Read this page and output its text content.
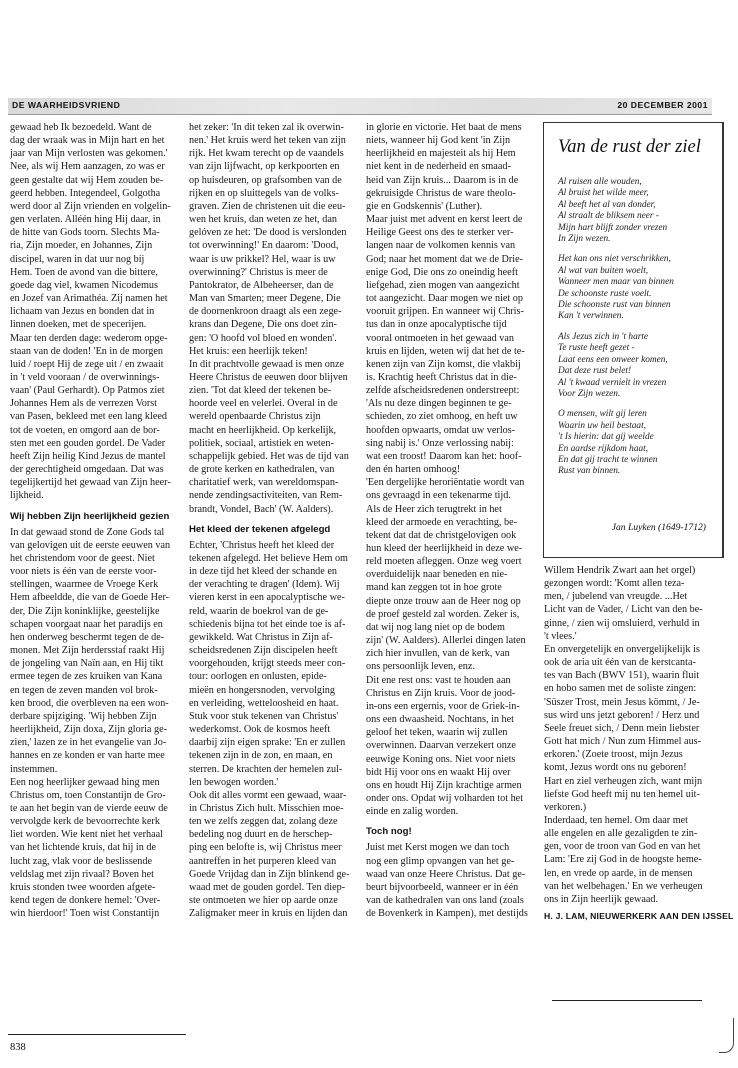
DE WAARHEIDSVRIEND	20 DECEMBER 2001

gewaad heb Ik bezoedeld. Want de
dag der wraak was in Mijn hart en het
jaar van Mijn verlosten was gekomen.'
Nee, als wij Hem aanzagen, zo was er
geen gestalte dat wij Hem zouden be-
geerd hebben. Integendeel, Golgotha
werd door al Zijn vrienden en volgelin-
gen verlaten. Alléén hing Hij daar, in
de hitte van Gods toorn. Slechts Ma-
ria, Zijn moeder, en Johannes, Zijn
discipel, waren in dat uur nog bij
Hem. Toen de avond van die bittere,
goede dag viel, kwamen Nicodemus
en Jozef van Arimathéa. Zij namen het
lichaam van Jezus en bonden dat in
linnen doeken, met de specerijen.
Maar ten derden dage: wederom opge-
staan van de doden! 'En in de morgen
luid / roept Hij de zege uit / en zwaait
in 't veld vooraan / de overwinnings-
vaan' (Paul Gerhardt). Op Patmos ziet
Johannes Hem als de verrezen Vorst
van Pasen, bekleed met een lang kleed
tot de voeten, en omgord aan de bor-
sten met een gouden gordel. De Vader
heeft Zijn heilig Kind Jezus de mantel
der gerechtigheid omgedaan. Dat was
tegelijkertijd het gewaad van Zijn heer-
lijkheid.

Wij hebben Zijn heerlijkheid gezien

In dat gewaad stond de Zone Gods tal
van gelovigen uit de eerste eeuwen van
het christendom voor de geest. Niet
voor niets is één van de eerste voor-
stellingen, waarmee de Vroege Kerk
Hem afbeeldde, die van de Goede Her-
der, Die Zijn koninklijke, geestelijke
schapen voorgaat naar het paradijs en
hen onderweg beschermt tegen de de-
monen. Met Zijn herdersstaf raakt Hij
de jongeling van Naïn aan, en Hij tikt
ermee tegen de zes kruiken van Kana
en tegen de zeven manden vol brok-
ken brood, die overbleven na een won-
derbare spijziging. 'Wij hebben Zijn
heerlijkheid, Zijn doxa, Zijn gloria ge-
zien,' lazen ze in het evangelie van Jo-
hannes en ze konden er van harte mee
instemmen.
Een nog heerlijker gewaad hing men
Christus om, toen Constantijn de Gro-
te aan het begin van de vierde eeuw de
vervolgde kerk de bevoorrechte kerk
liet worden. Wie kent niet het verhaal
van het lichtende kruis, dat hij in de
lucht zag, vlak voor de beslissende
veldslag met zijn rivaal? Boven het
kruis stonden twee woorden afgete-
kend tegen de donkere hemel: 'Over-
win hierdoor!' Toen wist Constantijn

het zeker: 'In dit teken zal ik overwin-
nen.' Het kruis werd het teken van zijn
rijk. Het kwam terecht op de vaandels
van zijn lijfwacht, op kerkpoorten en
op huisdeuren, op grafsomben van de
rijken en op sluittegels van de volks-
graven. Zien de christenen uit die eeu-
wen het kruis, dan weten ze het, dan
gelóven ze het: 'De dood is verslonden
tot overwinning!' En daarom: 'Dood,
waar is uw prikkel? Hel, waar is uw
overwinning?' Christus is meer de
Pantokrator, de Albeheerser, dan de
Man van Smarten; meer Degene, Die
de doornenkroon draagt als een zege-
krans dan Degene, Die ons doet zin-
gen: 'O hoofd vol bloed en wonden'.
Het kruis: een heerlijk teken!
In dit prachtvolle gewaad is men onze
Heere Christus de eeuwen door blijven
zien. 'Tot dat kleed der tekenen be-
hoorde veel en velerlei. Overal in de
wereld openbaarde Christus zijn
macht en heerlijkheid. Op kerkelijk,
politiek, sociaal, artistiek en weten-
schappelijk gebied. Het was de tijd van
de grote kerken en kathedralen, van
charitatief werk, van wereldomspan-
nende zendingsactiviteiten, van Rem-
brandt, Vondel, Bach' (W. Aalders).

Het kleed der tekenen afgelegd

Echter, 'Christus heeft het kleed der
tekenen afgelegd. Het believe Hem om
in deze tijd het kleed der schande en
der verachting te dragen' (Idem). Wij
vieren kerst in een apocalyptische we-
reld, waarin de boekrol van de ge-
schiedenis bijna tot het einde toe is af-
gewikkeld. Wat Christus in Zijn af-
scheidsredenen Zijn discipelen heeft
voorgehouden, krijgt steeds meer con-
tour: oorlogen en onlusten, epide-
mieën en hongersnoden, vervolging
en verleiding, wetteloosheid en haat.
Stuk voor stuk tekenen van Christus'
wederkomst. Ook de kosmos heeft
daarbij zijn eigen sprake: 'En er zullen
tekenen zijn in de zon, en maan, en
sterren. De krachten der hemelen zul-
len bewogen worden.'
Ook dit alles vormt een gewaad, waar-
in Christus Zich hult. Misschien moe-
ten we zelfs zeggen dat, zolang deze
bedeling nog duurt en de herschep-
ping een belofte is, wij Christus meer
aantreffen in het purperen kleed van
Goede Vrijdag dan in Zijn blinkend ge-
waad met de gouden gordel. Ten diep-
ste ontmoeten we hier op aarde onze
Zaligmaker meer in kruis en lijden dan

in glorie en victorie. Het baat de mens
niets, wanneer hij God kent 'in Zijn
heerlijkheid en majesteit als hij Hem
niet kent in de nederheid en smaad-
heid van Zijn kruis... Daarom is in de
gekruisigde Christus de ware theolo-
gie en Godskennis' (Luther).
Maar juist met advent en kerst leert de
Heilige Geest ons des te sterker ver-
langen naar de volkomen kennis van
God; naar het moment dat we de Drie-
enige God, Die ons zo oneindig heeft
liefgehad, zien mogen van aangezicht
tot aangezicht. Daar mogen we niet op
vooruit grijpen. En wanneer wij Chris-
tus dan in onze apocalyptische tijd
vooral ontmoeten in het gewaad van
kruis en lijden, weten wij dat het de te-
kenen zijn van Zijn komst, die vlakbij
is. Krachtig heeft Christus dat in die-
zelfde afscheidsredenen onderstreept:
'Als nu deze dingen beginnen te ge-
schieden, zo ziet omhoog, en heft uw
hoofden opwaarts, omdat uw verlos-
sing nabij is.' Onze verlossing nabij:
wat een troost! Daarom kan het: hoof-
den én harten omhoog!
'Een dergelijke heroriëntatie wordt van
ons gevraagd in een tekenarme tijd.
Als de Heer zich terugtrekt in het
kleed der armoede en verachting, be-
tekent dat dat de christgelovigen ook
hun kleed der heerlijkheid in deze we-
reld moeten afleggen. Onze weg voert
overduidelijk naar beneden en nie-
mand kan zeggen tot in hoe grote
diepte onze trouw aan de Heer nog op
de proef gesteld zal worden. Zeker is,
dat wij nog lang niet op de bodem
zijn' (W. Aalders). Allerlei dingen laten
zich hier invullen, van de kerk, van
ons persoonlijk leven, enz.
Dit ene rest ons: vast te houden aan
Christus en Zijn kruis. Voor de jood-
in-ons een ergernis, voor de Griek-in-
ons een dwaasheid. Nochtans, in het
geloof het teken, waarin wij zullen
overwinnen. Daarvan verzekert onze
eeuwige Koning ons. Niet voor niets
bidt Hij voor ons en waakt Hij over
ons en houdt Hij Zijn krachtige armen
onder ons. Opdat wij volharden tot het
einde en zalig worden.

Toch nog!

Juist met Kerst mogen we dan toch
nog een glimp opvangen van het ge-
waad van onze Heere Christus. Dat ge-
beurt bijvoorbeeld, wanneer er in één
van de kathedralen van ons land (zoals
de Bovenkerk in Kampen), met destijds

Van de rust der ziel

Al ruisen alle wouden,
Al bruist het wilde meer,
Al beeft het al van donder,
Al straalt de bliksem neer -
Mijn hart blijft zonder vrezen
In Zijn wezen.

Het kan ons niet verschrikken,
Al wat van buiten woelt,
Wanneer men maar van binnen
De schoonste ruste voelt.
Die schoonste rust van binnen
Kan 't verwinnen.

Als Jezus zich in 't harte
Te ruste heeft gezet -
Laat eens een onweer komen,
Dat deze rust belet!
Al 't kwaad vernielt in vrezen
Voor Zijn wezen.

O mensen, wilt gij leren
Waarin uw heil bestaat,
't Is hierin: dat gij weelde
En aardse rijkdom haat,
En dat gij tracht te winnen
Rust van binnen.

Jan Luyken (1649-1712)

Willem Hendrik Zwart aan het orgel)
gezongen wordt: 'Komt allen teza-
men, / jubelend van vreugde. ...Het
Licht van de Vader, / Licht van den be-
ginne, / zien wij omsluierd, verhuld in
't vlees.'
En onvergetelijk en onvergelijkelijk is
ook de aria uit één van de kerstcanta-
tes van Bach (BWV 151), waarin fluit
en hobo samen met de soliste zingen:
'Süszer Trost, mein Jesus kömmt, / Je-
sus wird uns jetzt geboren! / Herz und
Seele freuet sich, / Denn mein liebster
Gott hat mich / Nun zum Himmel aus-
erkoren.' (Zoete troost, mijn Jezus
komt, Jezus wordt ons nu geboren!
Hart en ziel verheugen zich, want mijn
liefste God heeft mij nu ten hemel uit-
verkoren.)
Inderdaad, ten hemel. Om daar met
alle engelen en alle gezaligden te zin-
gen, voor de troon van God en van het
Lam: 'Ere zij God in de hoogste heme-
len, en vrede op aarde, in de mensen
van het welbehagen.' En we verheugen
ons in Zijn heerlijk gewaad.

H. J. LAM, NIEUWERKERK AAN DEN IJSSEL
838
